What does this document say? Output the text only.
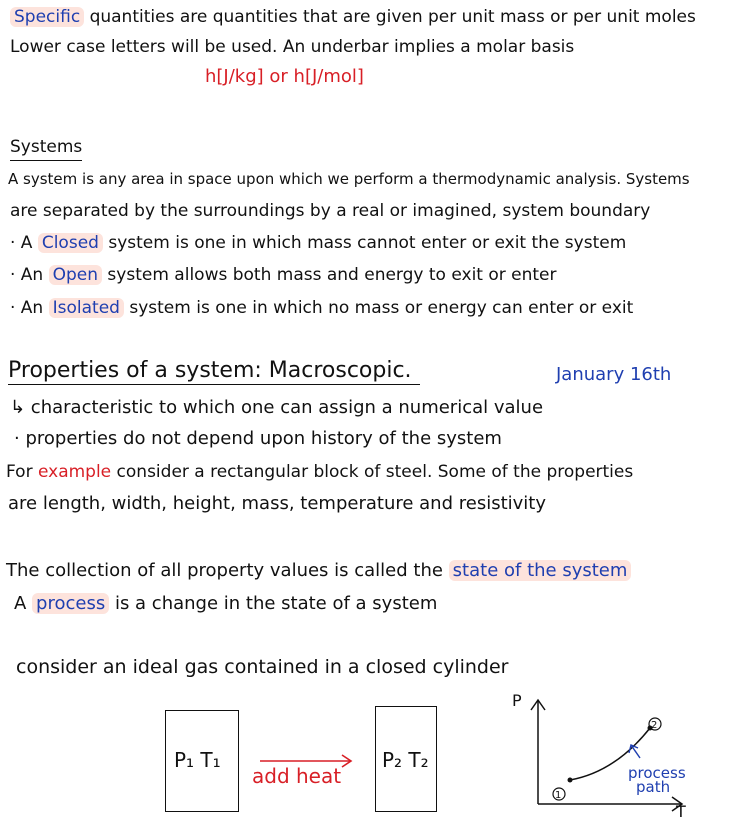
Specific quantities are quantities that are given per unit mass or per unit moles
Lower case letters will be used. An underbar implies a molar basis
h[J/kg] or h[J/mol]
Systems
A system is any area in space upon which we perform a thermodynamic analysis. Systems
are separated by the surroundings by a real or imagined, system boundary
· A Closed system is one in which mass cannot enter or exit the system
· An Open system allows both mass and energy to exit or enter
· An Isolated system is one in which no mass or energy can enter or exit
Properties of a system: Macroscopic.	January 16th
↳ characteristic to which one can assign a numerical value
· properties do not depend upon history of the system
For example consider a rectangular block of steel. Some of the properties
are length, width, height, mass, temperature and resistivity
The collection of all property values is called the state of the system
A process is a change in the state of a system
consider an ideal gas contained in a closed cylinder
P₁ T₁
add heat
P₂ T₂
P
T
1
2
process path
